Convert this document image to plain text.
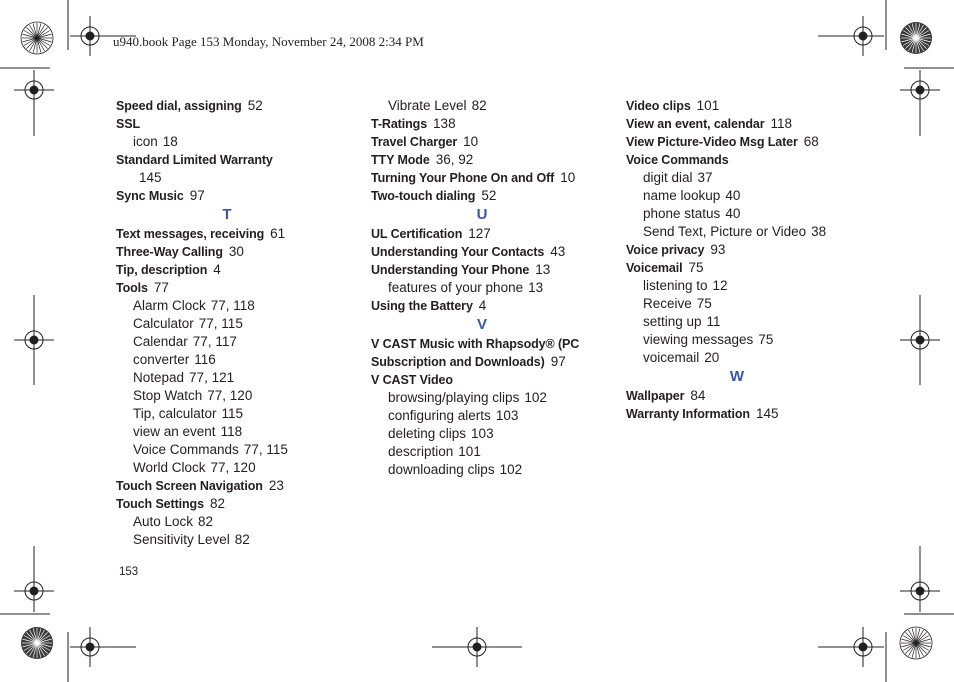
u940.book Page 153 Monday, November 24, 2008 2:34 PM
Speed dial, assigning 52
SSL
icon 18
Standard Limited Warranty
145
Sync Music 97
T
Text messages, receiving 61
Three-Way Calling 30
Tip, description 4
Tools 77
Alarm Clock 77, 118
Calculator 77, 115
Calendar 77, 117
converter 116
Notepad 77, 121
Stop Watch 77, 120
Tip, calculator 115
view an event 118
Voice Commands 77, 115
World Clock 77, 120
Touch Screen Navigation 23
Touch Settings 82
Auto Lock 82
Sensitivity Level 82
Vibrate Level 82
T-Ratings 138
Travel Charger 10
TTY Mode 36, 92
Turning Your Phone On and Off 10
Two-touch dialing 52
U
UL Certification 127
Understanding Your Contacts 43
Understanding Your Phone 13
features of your phone 13
Using the Battery 4
V
V CAST Music with Rhapsody® (PC
Subscription and Downloads) 97
V CAST Video
browsing/playing clips 102
configuring alerts 103
deleting clips 103
description 101
downloading clips 102
Video clips 101
View an event, calendar 118
View Picture-Video Msg Later 68
Voice Commands
digit dial 37
name lookup 40
phone status 40
Send Text, Picture or Video 38
Voice privacy 93
Voicemail 75
listening to 12
Receive 75
setting up 11
viewing messages 75
voicemail 20
W
Wallpaper 84
Warranty Information 145
153
